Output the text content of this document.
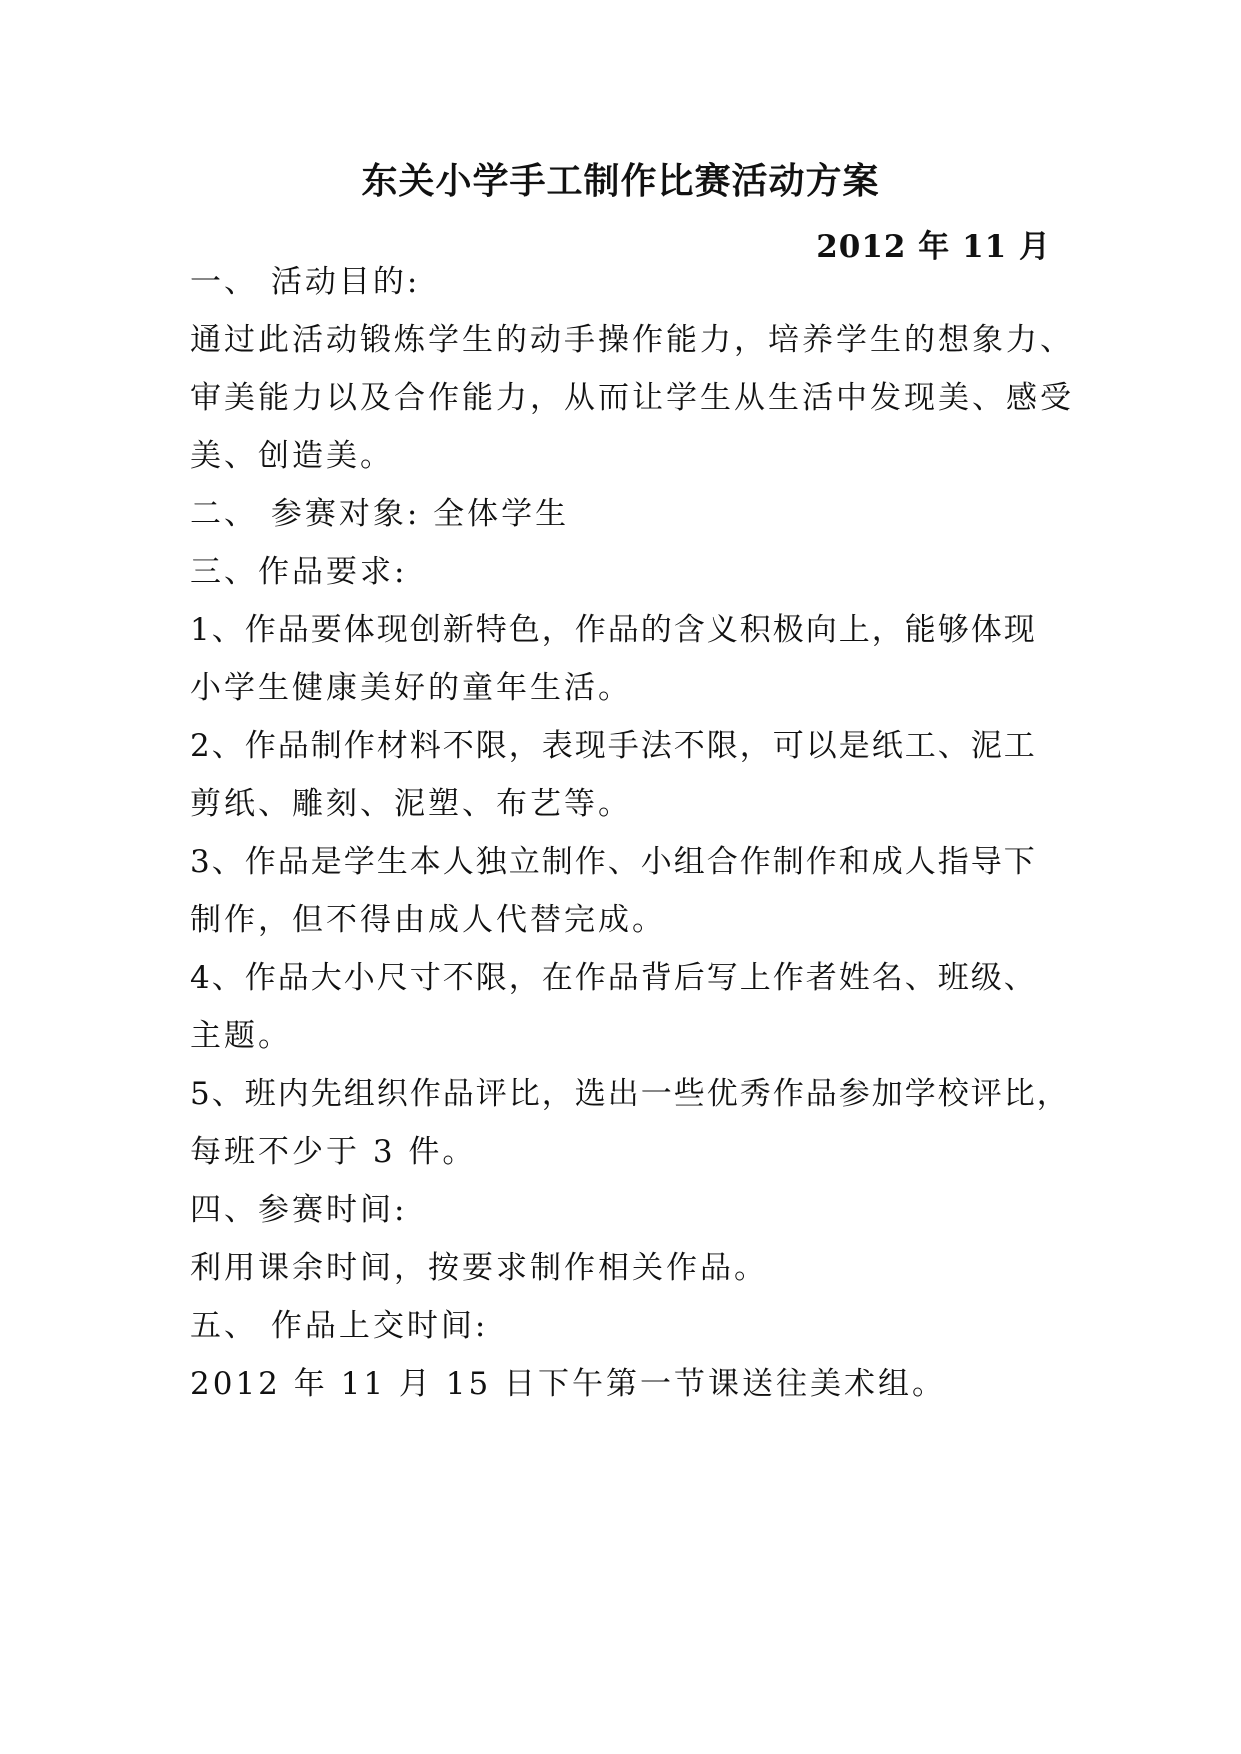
东关小学手工制作比赛活动方案

2012 年 11 月

一、 活动目的:

通过此活动锻炼学生的动手操作能力，培养学生的想象力、

审美能力以及合作能力，从而让学生从生活中发现美、感受

美、创造美。

二、 参赛对象: 全体学生

三、作品要求:

1、作品要体现创新特色，作品的含义积极向上，能够体现

小学生健康美好的童年生活。

2、作品制作材料不限，表现手法不限，可以是纸工、泥工

剪纸、雕刻、泥塑、布艺等。

3、作品是学生本人独立制作、小组合作制作和成人指导下

制作，但不得由成人代替完成。

4、作品大小尺寸不限，在作品背后写上作者姓名、班级、

主题。

5、班内先组织作品评比，选出一些优秀作品参加学校评比，

每班不少于 3 件。

四、参赛时间:

利用课余时间，按要求制作相关作品。

五、 作品上交时间:

2012 年 11 月 15 日下午第一节课送往美术组。
